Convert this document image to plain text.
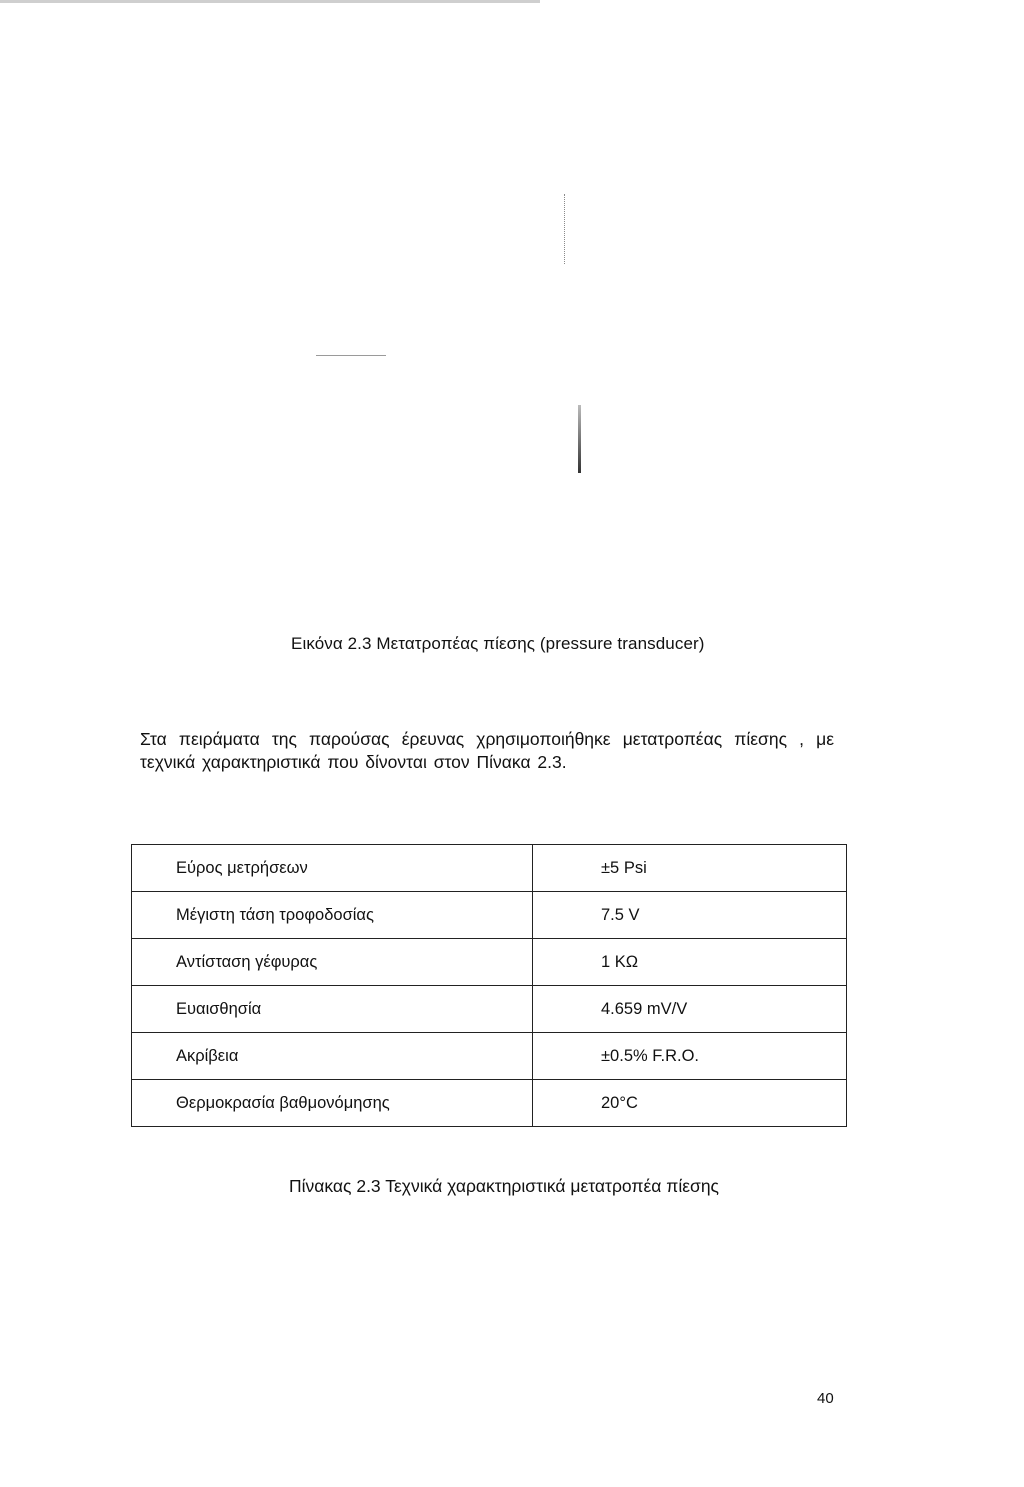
Εικόνα 2.3 Μετατροπέας πίεσης (pressure transducer)

Στα πειράματα της παρούσας έρευνας χρησιμοποιήθηκε μετατροπέας πίεσης , με τεχνικά χαρακτηριστικά που δίνονται στον Πίνακα 2.3.

Εύρος μετρήσεων	±5 Psi
Μέγιστη τάση τροφοδοσίας	7.5 V
Αντίσταση γέφυρας	1 ΚΩ
Ευαισθησία	4.659 mV/V
Ακρίβεια	±0.5% F.R.O.
Θερμοκρασία βαθμονόμησης	20°C
Πίνακας 2.3 Τεχνικά χαρακτηριστικά μετατροπέα πίεσης
40
